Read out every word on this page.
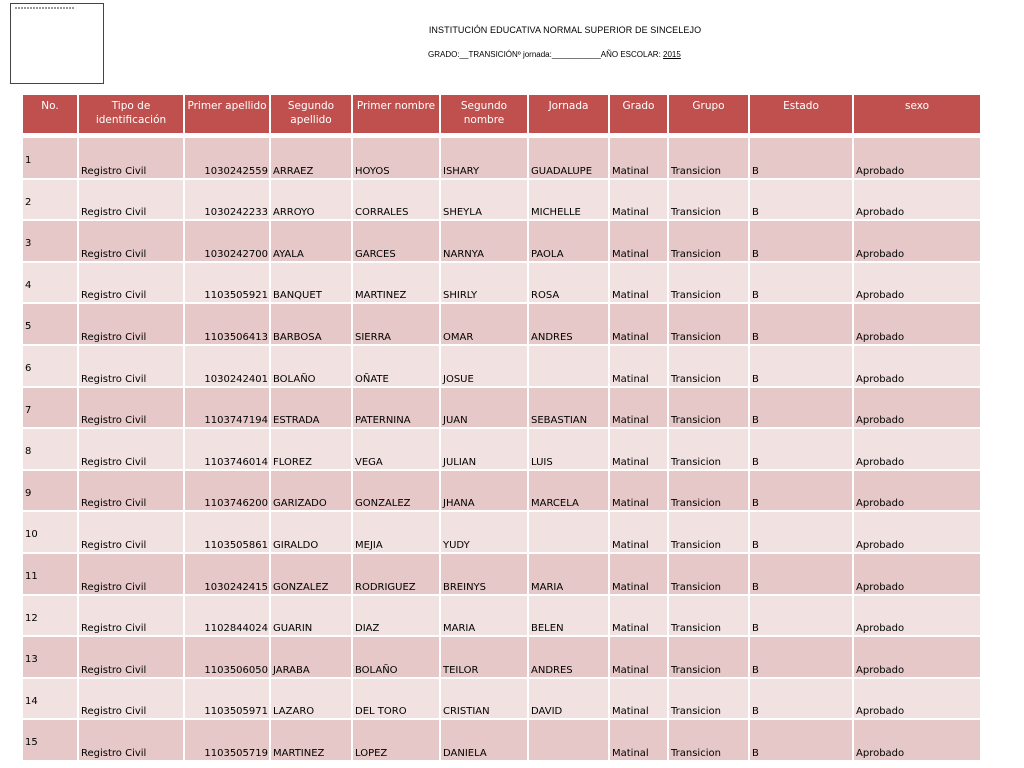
INSTITUCIÓN EDUCATIVA NORMAL SUPERIOR DE SINCELEJO
GRADO:__TRANSICIÓNº jornada:___________AÑO ESCOLAR: 2015
No.	Tipo de identificación	Primer apellido	Segundo apellido	Primer nombre	Segundo nombre	Jornada	Grado	Grupo	Estado	sexo	

1	Registro Civil	1030242559	ARRAEZ	HOYOS	ISHARY	GUADALUPE	Matinal	Transicion	B	Aprobado	
2	Registro Civil	1030242233	ARROYO	CORRALES	SHEYLA	MICHELLE	Matinal	Transicion	B	Aprobado	
3	Registro Civil	1030242700	AYALA	GARCES	NARNYA	PAOLA	Matinal	Transicion	B	Aprobado	
4	Registro Civil	1103505921	BANQUET	MARTINEZ	SHIRLY	ROSA	Matinal	Transicion	B	Aprobado	
5	Registro Civil	1103506413	BARBOSA	SIERRA	OMAR	ANDRES	Matinal	Transicion	B	Aprobado	
6	Registro Civil	1030242401	BOLAÑO	OÑATE	JOSUE		Matinal	Transicion	B	Aprobado	
7	Registro Civil	1103747194	ESTRADA	PATERNINA	JUAN	SEBASTIAN	Matinal	Transicion	B	Aprobado	
8	Registro Civil	1103746014	FLOREZ	VEGA	JULIAN	LUIS	Matinal	Transicion	B	Aprobado	
9	Registro Civil	1103746200	GARIZADO	GONZALEZ	JHANA	MARCELA	Matinal	Transicion	B	Aprobado	
10	Registro Civil	1103505861	GIRALDO	MEJIA	YUDY		Matinal	Transicion	B	Aprobado	
11	Registro Civil	1030242415	GONZALEZ	RODRIGUEZ	BREINYS	MARIA	Matinal	Transicion	B	Aprobado	
12	Registro Civil	1102844024	GUARIN	DIAZ	MARIA	BELEN	Matinal	Transicion	B	Aprobado	
13	Registro Civil	1103506050	JARABA	BOLAÑO	TEILOR	ANDRES	Matinal	Transicion	B	Aprobado	
14	Registro Civil	1103505971	LAZARO	DEL TORO	CRISTIAN	DAVID	Matinal	Transicion	B	Aprobado	
15	Registro Civil	1103505719	MARTINEZ	LOPEZ	DANIELA		Matinal	Transicion	B	Aprobado	
